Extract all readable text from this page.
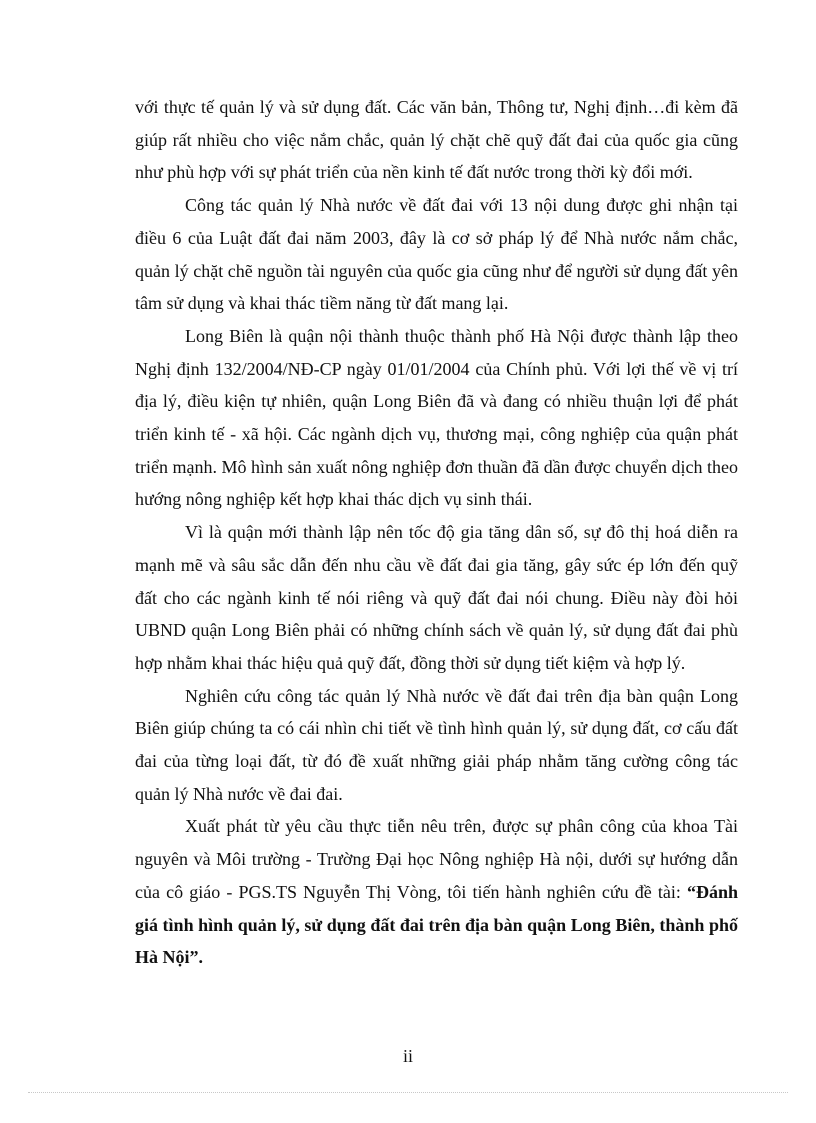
với thực tế quản lý và sử dụng đất. Các văn bản, Thông tư, Nghị định…đi kèm đã giúp rất nhiều cho việc nắm chắc, quản lý chặt chẽ quỹ đất đai của quốc gia cũng như phù hợp với sự phát triển của nền kinh tế đất nước trong thời kỳ đổi mới.

Công tác quản lý Nhà nước về đất đai với 13 nội dung được ghi nhận tại điều 6 của Luật đất đai năm 2003, đây là cơ sở pháp lý để Nhà nước nắm chắc, quản lý chặt chẽ nguồn tài nguyên của quốc gia cũng như để người sử dụng đất yên tâm sử dụng và khai thác tiềm năng từ đất mang lại.

Long Biên là quận nội thành thuộc thành phố Hà Nội được thành lập theo Nghị định 132/2004/NĐ-CP ngày 01/01/2004 của Chính phủ. Với lợi thế về vị trí địa lý, điều kiện tự nhiên, quận Long Biên đã và đang có nhiều thuận lợi để phát triển kinh tế - xã hội. Các ngành dịch vụ, thương mại, công nghiệp của quận phát triển mạnh. Mô hình sản xuất nông nghiệp đơn thuần đã dần được chuyển dịch theo hướng nông nghiệp kết hợp khai thác dịch vụ sinh thái.

Vì là quận mới thành lập nên tốc độ gia tăng dân số, sự đô thị hoá diễn ra mạnh mẽ và sâu sắc dẫn đến nhu cầu về đất đai gia tăng, gây sức ép lớn đến quỹ đất cho các ngành kinh tế nói riêng và quỹ đất đai nói chung. Điều này đòi hỏi UBND quận Long Biên phải có những chính sách về quản lý, sử dụng đất đai phù hợp nhằm khai thác hiệu quả quỹ đất, đồng thời sử dụng tiết kiệm và hợp lý.

Nghiên cứu công tác quản lý Nhà nước về đất đai trên địa bàn quận Long Biên giúp chúng ta có cái nhìn chi tiết về tình hình quản lý, sử dụng đất, cơ cấu đất đai của từng loại đất, từ đó đề xuất những giải pháp nhằm tăng cường công tác quản lý Nhà nước về đai đai.

Xuất phát từ yêu cầu thực tiễn nêu trên, được sự phân công của khoa Tài nguyên và Môi trường - Trường Đại học Nông nghiệp Hà nội, dưới sự hướng dẫn của cô giáo - PGS.TS Nguyễn Thị Vòng, tôi tiến hành nghiên cứu đề tài: “Đánh giá tình hình quản lý, sử dụng đất đai trên địa bàn quận Long Biên, thành phố Hà Nội”.

ii
